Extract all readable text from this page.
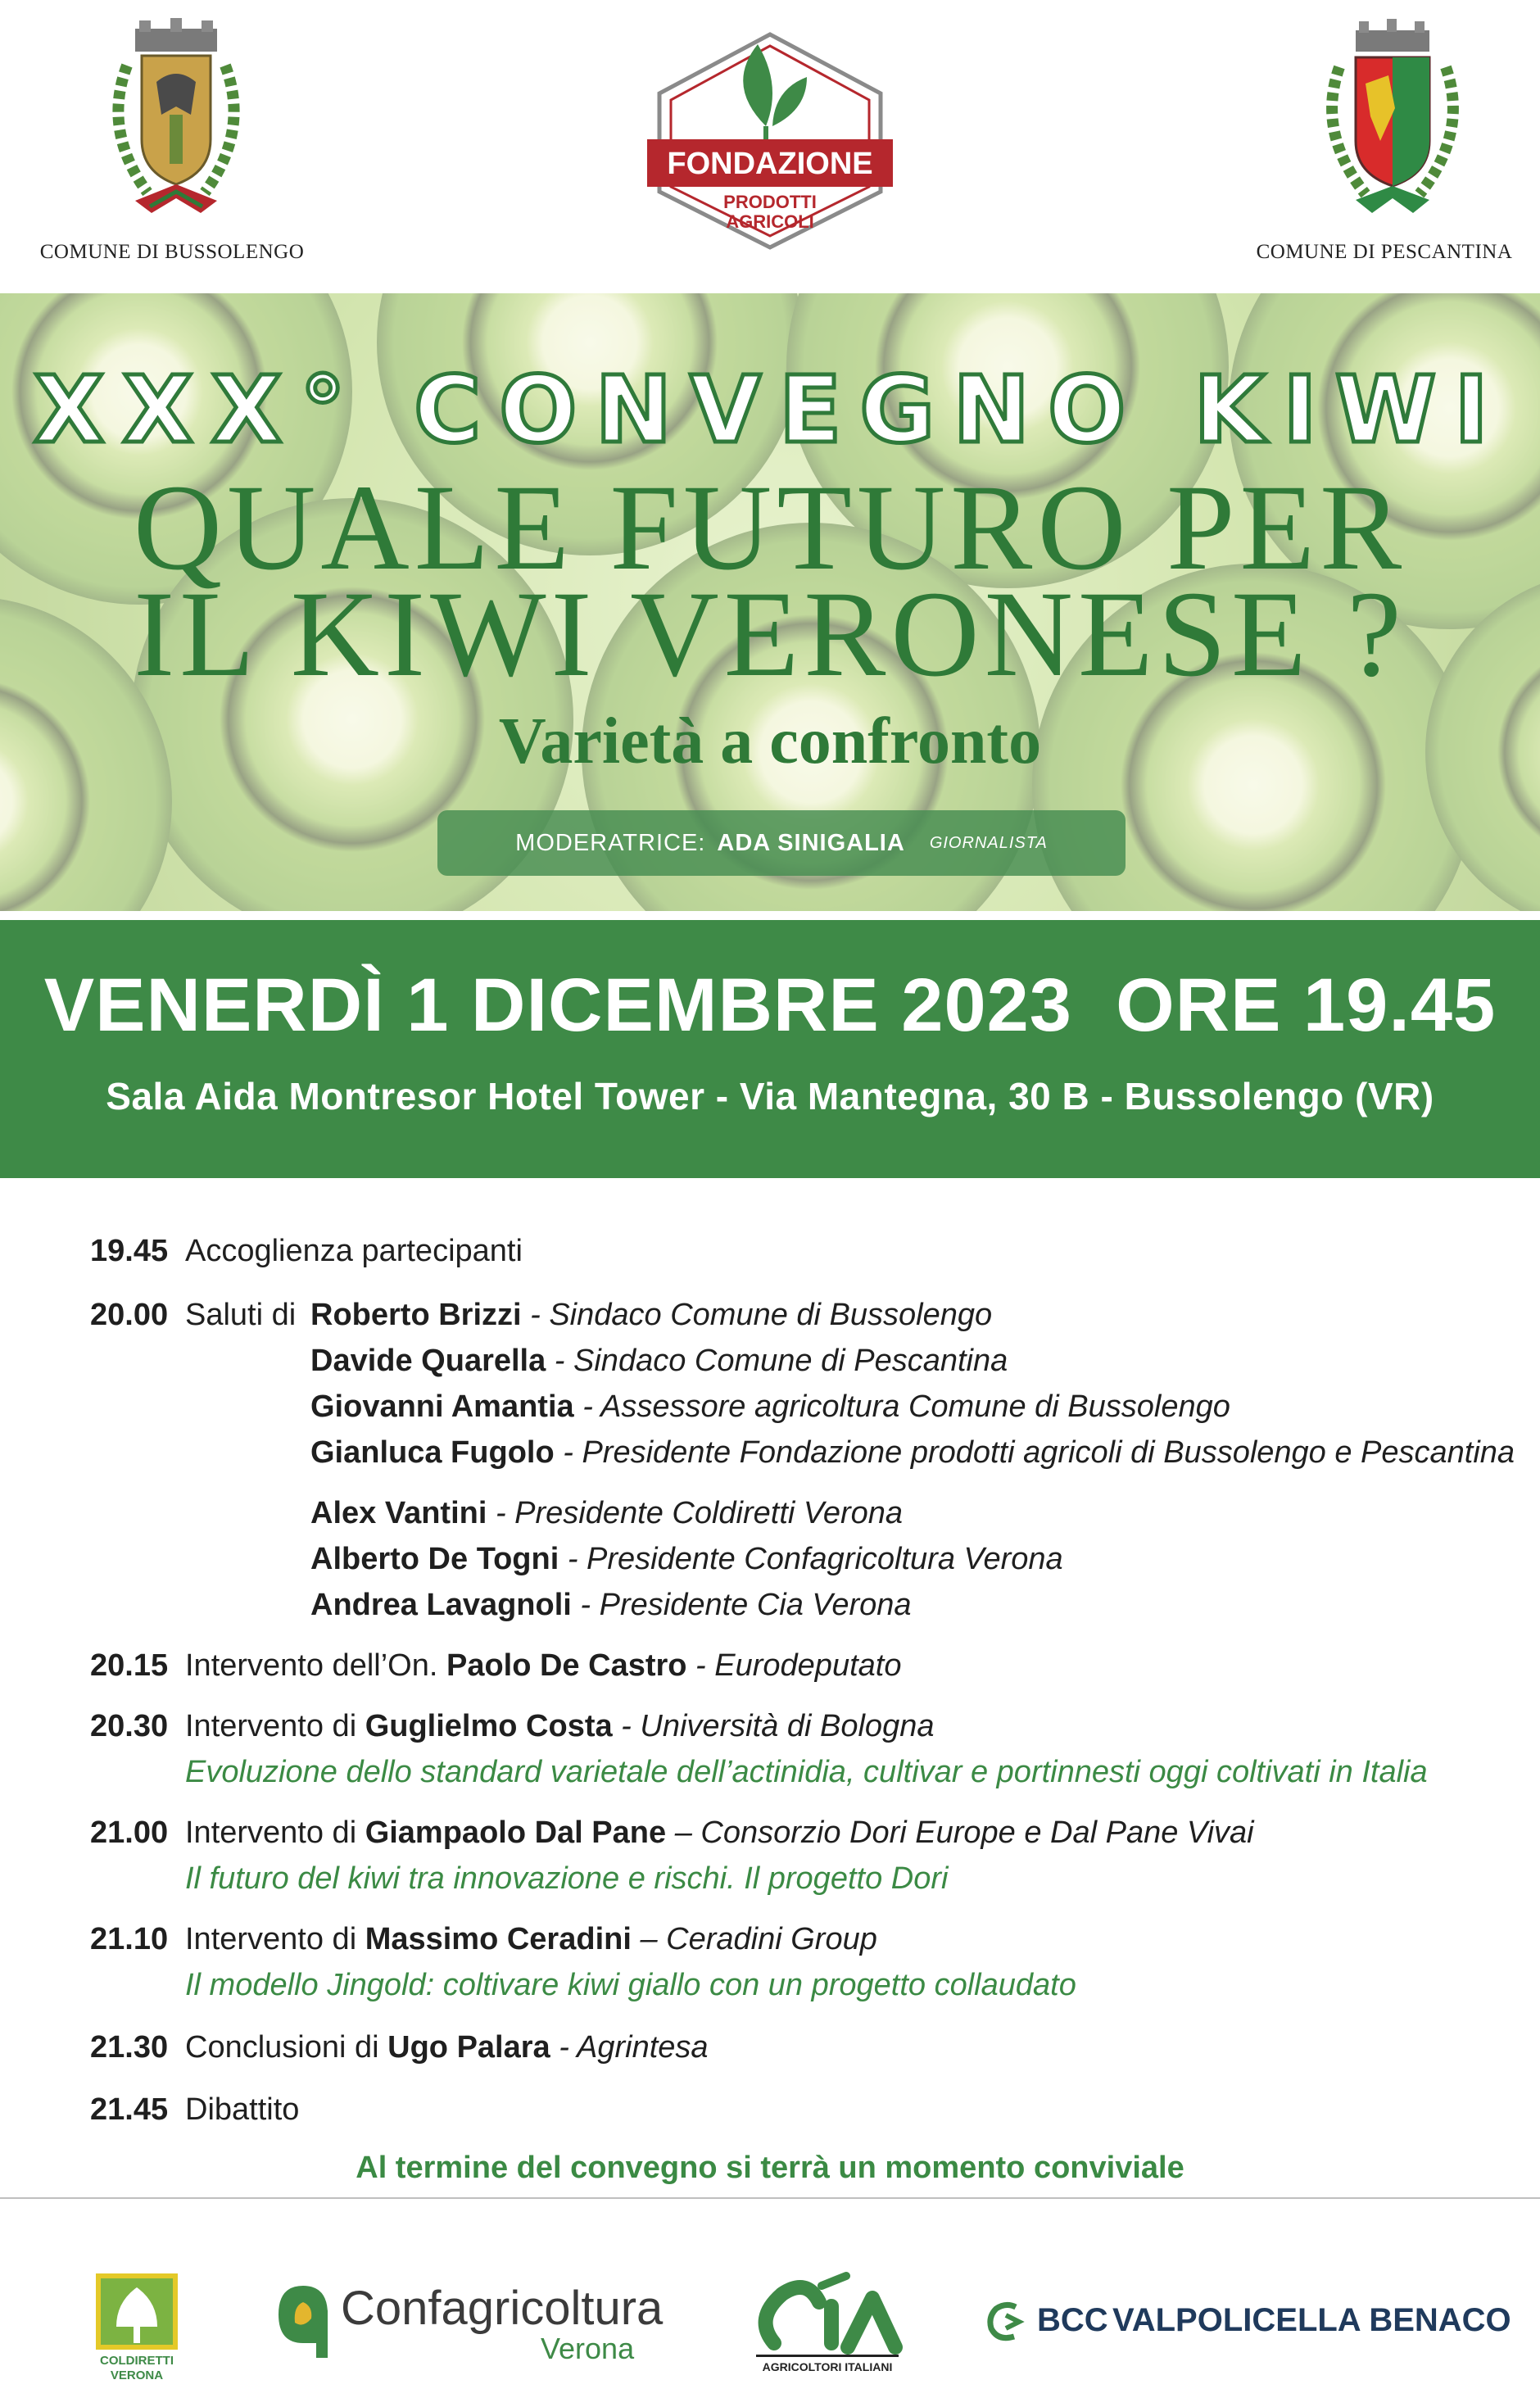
COMUNE DI BUSSOLENGO
FONDAZIONE
PRODOTTI
AGRICOLI
COMUNE DI PESCANTINA
XXX° CONVEGNO KIWI
QUALE FUTURO PER
IL KIWI VERONESE ?
Varietà a confronto
MODERATRICE: ADA SINIGALIA GIORNALISTA
VENERDÌ 1 DICEMBRE 2023  ORE 19.45
Sala Aida Montresor Hotel Tower - Via Mantegna, 30 B - Bussolengo (VR)
19.45 Accoglienza partecipanti
20.00 Saluti di Roberto Brizzi - Sindaco Comune di Bussolengo
Davide Quarella - Sindaco Comune di Pescantina
Giovanni Amantia - Assessore agricoltura Comune di Bussolengo
Gianluca Fugolo - Presidente Fondazione prodotti agricoli di Bussolengo e Pescantina
Alex Vantini - Presidente Coldiretti Verona
Alberto De Togni - Presidente Confagricoltura Verona
Andrea Lavagnoli - Presidente Cia Verona
20.15 Intervento dell’On. Paolo De Castro - Eurodeputato
20.30 Intervento di Guglielmo Costa - Università di Bologna
Evoluzione dello standard varietale dell’actinidia, cultivar e portinnesti oggi coltivati in Italia
21.00 Intervento di Giampaolo Dal Pane – Consorzio Dori Europe e Dal Pane Vivai
Il futuro del kiwi tra innovazione e rischi. Il progetto Dori
21.10 Intervento di Massimo Ceradini – Ceradini Group
Il modello Jingold: coltivare kiwi giallo con un progetto collaudato
21.30 Conclusioni di Ugo Palara - Agrintesa
21.45 Dibattito
Al termine del convegno si terrà un momento conviviale
COLDIRETTI
VERONA
Confagricoltura
Verona
AGRICOLTORI ITALIANI
BCC VALPOLICELLA BENACO
